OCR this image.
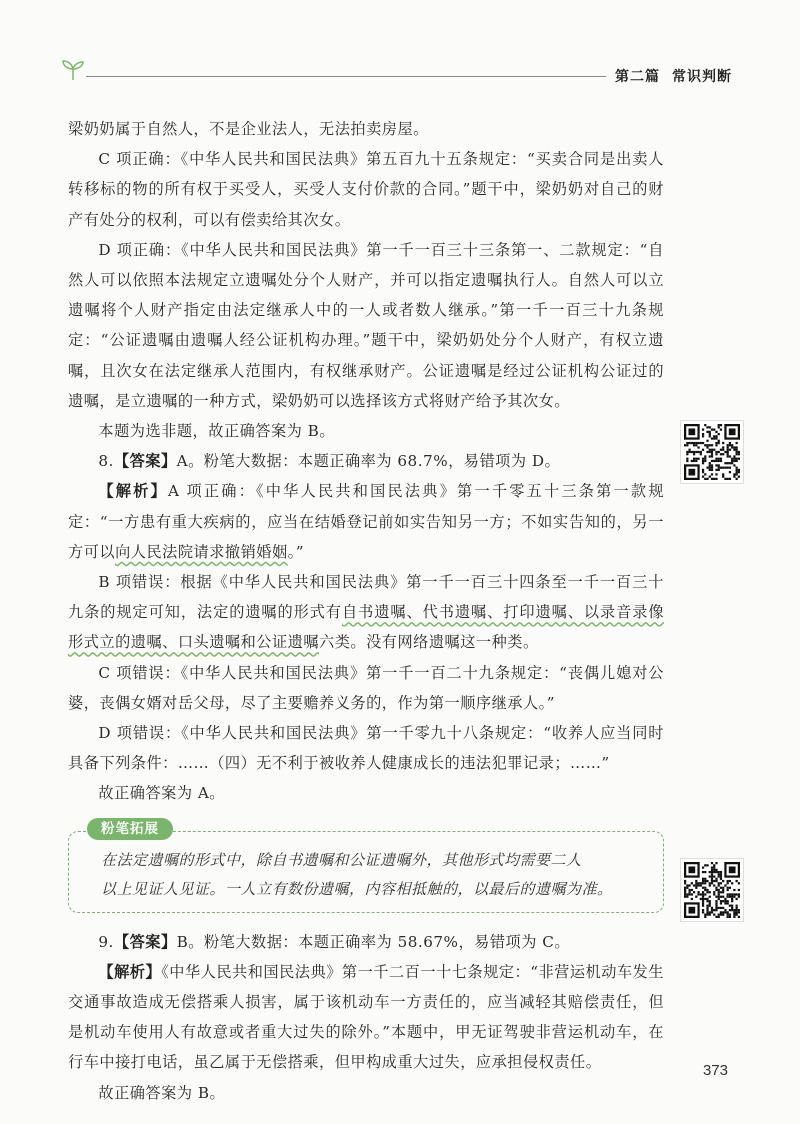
第二篇 常识判断

梁奶奶属于自然人，不是企业法人，无法拍卖房屋。

C 项正确：《中华人民共和国民法典》第五百九十五条规定：“买卖合同是出卖人转移标的物的所有权于买受人，买受人支付价款的合同。”题干中，梁奶奶对自己的财产有处分的权利，可以有偿卖给其次女。

D 项正确：《中华人民共和国民法典》第一千一百三十三条第一、二款规定：“自然人可以依照本法规定立遗嘱处分个人财产，并可以指定遗嘱执行人。自然人可以立遗嘱将个人财产指定由法定继承人中的一人或者数人继承。”第一千一百三十九条规定：“公证遗嘱由遗嘱人经公证机构办理。”题干中，梁奶奶处分个人财产，有权立遗嘱，且次女在法定继承人范围内，有权继承财产。公证遗嘱是经过公证机构公证过的遗嘱，是立遗嘱的一种方式，梁奶奶可以选择该方式将财产给予其次女。

本题为选非题，故正确答案为 B。

8.【答案】A。粉笔大数据：本题正确率为 68.7%，易错项为 D。

【解析】A 项正确：《中华人民共和国民法典》第一千零五十三条第一款规定：“一方患有重大疾病的，应当在结婚登记前如实告知另一方；不如实告知的，另一方可以向人民法院请求撤销婚姻。”

B 项错误：根据《中华人民共和国民法典》第一千一百三十四条至一千一百三十九条的规定可知，法定的遗嘱的形式有自书遗嘱、代书遗嘱、打印遗嘱、以录音录像形式立的遗嘱、口头遗嘱和公证遗嘱六类。没有网络遗嘱这一种类。

C 项错误：《中华人民共和国民法典》第一千一百二十九条规定：“丧偶儿媳对公婆，丧偶女婿对岳父母，尽了主要赡养义务的，作为第一顺序继承人。”

D 项错误：《中华人民共和国民法典》第一千零九十八条规定：“收养人应当同时具备下列条件：……（四）无不利于被收养人健康成长的违法犯罪记录；……”

故正确答案为 A。

粉笔拓展

在法定遗嘱的形式中，除自书遗嘱和公证遗嘱外，其他形式均需要二人

以上见证人见证。一人立有数份遗嘱，内容相抵触的，以最后的遗嘱为准。

9.【答案】B。粉笔大数据：本题正确率为 58.67%，易错项为 C。

【解析】《中华人民共和国民法典》第一千二百一十七条规定：“非营运机动车发生交通事故造成无偿搭乘人损害，属于该机动车一方责任的，应当减轻其赔偿责任，但是机动车使用人有故意或者重大过失的除外。”本题中，甲无证驾驶非营运机动车，在行车中接打电话，虽乙属于无偿搭乘，但甲构成重大过失，应承担侵权责任。

故正确答案为 B。

373
